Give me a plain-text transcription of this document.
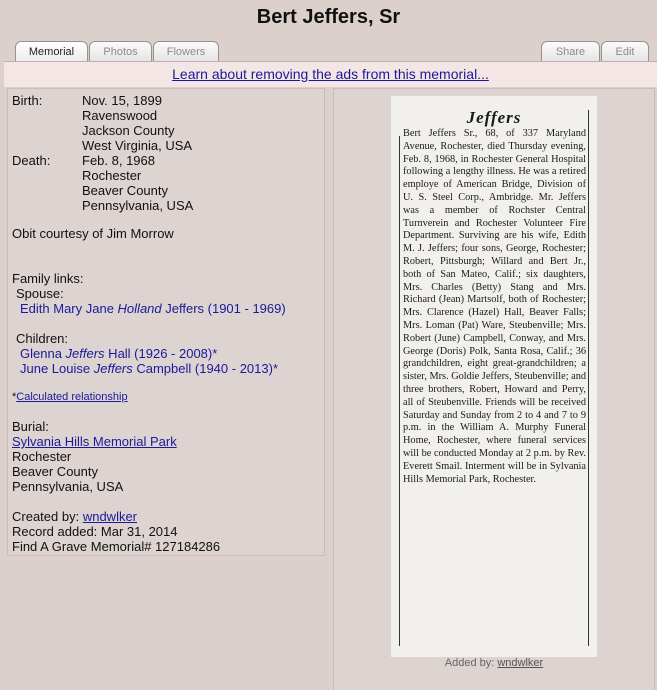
Bert Jeffers, Sr
Memorial	Photos	Flowers	Share	Edit
Learn about removing the ads from this memorial...
Birth:	Nov. 15, 1899
Ravenswood
Jackson County
West Virginia, USA
Death: Feb. 8, 1968
Rochester
Beaver County
Pennsylvania, USA
Obit courtesy of Jim Morrow
Family links:
Spouse:
Edith Mary Jane Holland Jeffers (1901 - 1969)
Children:
Glenna Jeffers Hall (1926 - 2008)*
June Louise Jeffers Campbell (1940 - 2013)*
*Calculated relationship
Burial:
Sylvania Hills Memorial Park
Rochester
Beaver County
Pennsylvania, USA
Created by: wndwlker
Record added: Mar 31, 2014
Find A Grave Memorial# 127184286
Jeffers
Bert Jeffers Sr., 68, of 337 Maryland Avenue, Rochester, died Thursday evening, Feb. 8, 1968, in Rochester General Hospital following a lengthy illness. He was a retired employe of American Bridge, Division of U. S. Steel Corp., Ambridge. Mr. Jeffers was a member of Rochster Central Turnverein and Rochester Volunteer Fire Department. Surviving are his wife, Edith M. J. Jeffers; four sons, George, Rochester; Robert, Pittsburgh; Willard and Bert Jr., both of San Mateo, Calif.; six daughters, Mrs. Charles (Betty) Stang and Mrs. Richard (Jean) Martsolf, both of Rochester; Mrs. Clarence (Hazel) Hall, Beaver Falls; Mrs. Loman (Pat) Ware, Steubenville; Mrs. Robert (June) Campbell, Conway, and Mrs. George (Doris) Polk, Santa Rosa, Calif.; 36 grandchildren, eight great-grandchildren; a sister, Mrs. Goldie Jeffers, Steubenville; and three brothers, Robert, Howard and Perry, all of Steubenville. Friends will be received Saturday and Sunday from 2 to 4 and 7 to 9 p.m. in the William A. Murphy Funeral Home, Rochester, where funeral services will be conducted Monday at 2 p.m. by Rev. Everett Smail. Interment will be in Sylvania Hills Memorial Park, Rochester.
Added by: wndwlker
